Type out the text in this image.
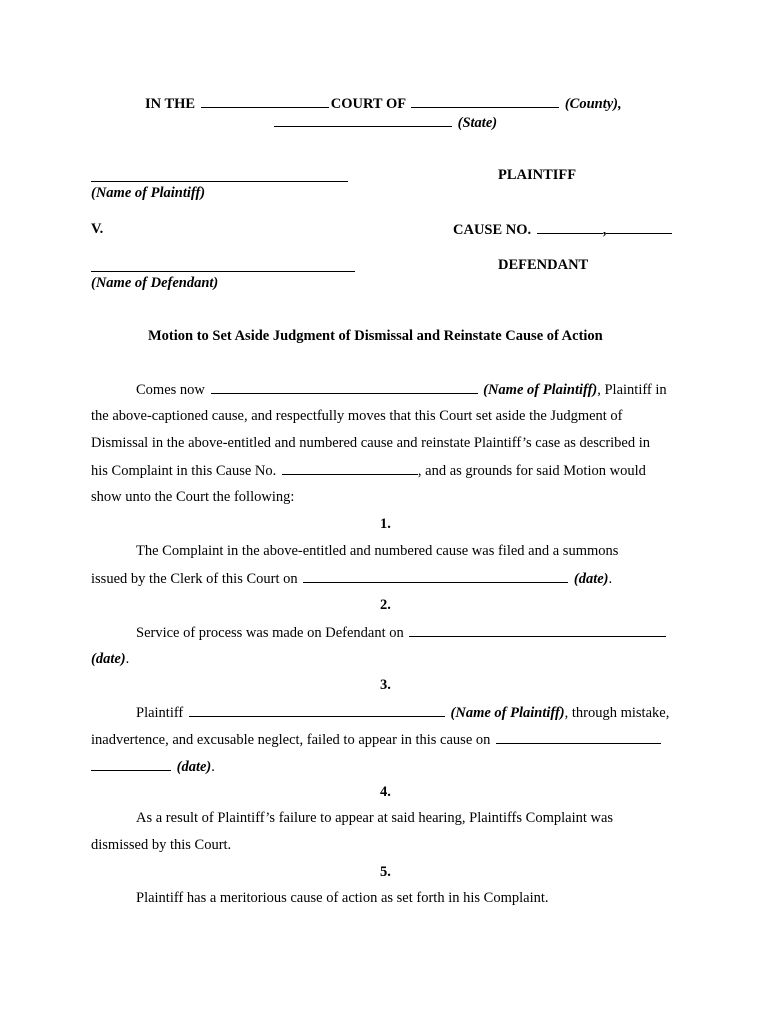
IN THE	COURT OF	(County),
(State)
PLAINTIFF
(Name of Plaintiff)
V.	CAUSE NO.	,
DEFENDANT
(Name of Defendant)
Motion to Set Aside Judgment of Dismissal and Reinstate Cause of Action
Comes now	(Name of Plaintiff), Plaintiff in
the above-captioned cause, and respectfully moves that this Court set aside the Judgment of
Dismissal in the above-entitled and numbered cause and reinstate Plaintiff’s case as described in
his Complaint in this Cause No.	, and as grounds for said Motion would
show unto the Court the following:
1.
The Complaint in the above-entitled and numbered cause was filed and a summons
issued by the Clerk of this Court on	(date).
2.
Service of process was made on Defendant on
(date).
3.
Plaintiff	(Name of Plaintiff), through mistake,
inadvertence, and excusable neglect, failed to appear in this cause on
(date).
4.
As a result of Plaintiff’s failure to appear at said hearing, Plaintiffs Complaint was
dismissed by this Court.
5.
Plaintiff has a meritorious cause of action as set forth in his Complaint.
